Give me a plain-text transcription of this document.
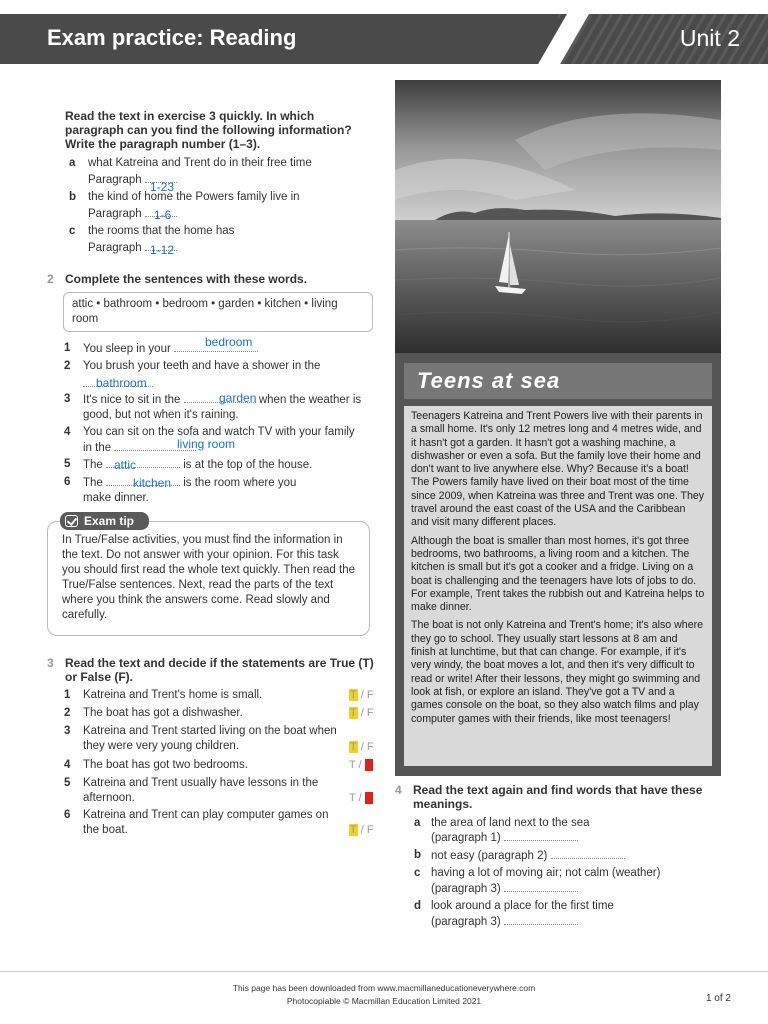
Exam practice: Reading	Unit 2
Read the text in exercise 3 quickly. In which paragraph can you find the following information? Write the paragraph number (1–3).
a what Katreina and Trent do in their free time
Paragraph 1-23
b the kind of home the Powers family live in
Paragraph	1-6
c the rooms that the home has
Paragraph 1-12
2 Complete the sentences with these words.
attic • bathroom • bedroom • garden • kitchen • living room
1 You sleep in your	bedroom
2 You brush your teeth and have a shower in the
bathroom
3 It's nice to sit in the	when the weather is good, but not when it's raining.
garden
4 You can sit on the sofa and watch TV with your family in the	living room
5 The	is at the top of the house.
attic
6 The	is the room where you make dinner.
kitchen
In True/False activities, you must find the information in the text. Do not answer with your opinion. For this task you should first read the whole text quickly. Then read the True/False sentences. Next, read the parts of the text where you think the answers come. Read slowly and carefully.
Exam tip
3 Read the text and decide if the statements are True (T) or False (F).
1 Katreina and Trent's home is small.	T / F
2 The boat has got a dishwasher.	T / F
3 Katreina and Trent started living on the boat when they were very young children.	T / F
4 The boat has got two bedrooms.	T / F
5 Katreina and Trent usually have lessons in the afternoon.	T / F
6 Katreina and Trent can play computer games on the boat.	T / F
Teens at sea

Teenagers Katreina and Trent Powers live with their parents in a small home. It's only 12 metres long and 4 metres wide, and it hasn't got a garden. It hasn't got a washing machine, a dishwasher or even a sofa. But the family love their home and don't want to live anywhere else. Why? Because it's a boat! The Powers family have lived on their boat most of the time since 2009, when Katreina was three and Trent was one. They travel around the east coast of the USA and the Caribbean and visit many different places.

Although the boat is smaller than most homes, it's got three bedrooms, two bathrooms, a living room and a kitchen. The kitchen is small but it's got a cooker and a fridge. Living on a boat is challenging and the teenagers have lots of jobs to do. For example, Trent takes the rubbish out and Katreina helps to make dinner.

The boat is not only Katreina and Trent's home; it's also where they go to school. They usually start lessons at 8 am and finish at lunchtime, but that can change. For example, if it's very windy, the boat moves a lot, and then it's very difficult to read or write! After their lessons, they might go swimming and look at fish, or explore an island. They've got a TV and a games console on the boat, so they also watch films and play computer games with their friends, like most teenagers!

4 Read the text again and find words that have these meanings.
a the area of land next to the sea
(paragraph 1)
b not easy (paragraph 2)
c having a lot of moving air; not calm (weather)
(paragraph 3)
d look around a place for the first time
(paragraph 3)
This page has been downloaded from www.macmillaneducationeverywhere.com
Photocopiable © Macmillan Education Limited 2021	1 of 2
